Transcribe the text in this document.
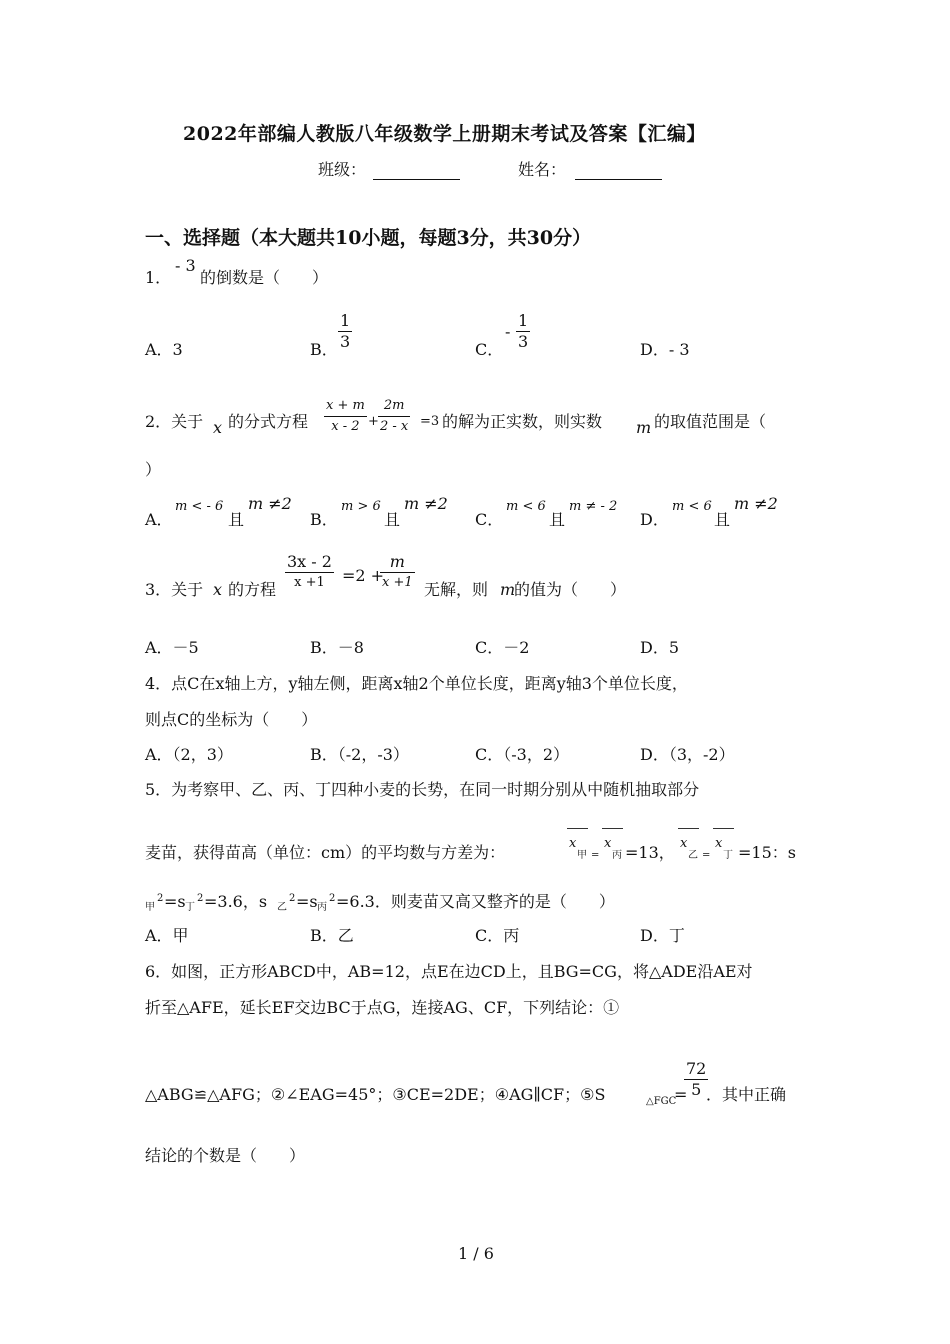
2022年部编人教版八年级数学上册期末考试及答案【汇编】
班级：	姓名：
一、选择题（本大题共10小题，每题3分，共30分）
1．
- 3
的倒数是（　　）
A．3	B．
1
3	C．
-
1
3	D．- 3
2．关于 x 的分式方程
x + m
x - 2 +
2m
2 - x =3 的解为正实数，则实数 m 的取值范围是（
）
A．
m < - 6
且
m ≠2
B．
m > 6
且
m ≠2
C．
m < 6
且
m ≠ - 2
D．
m < 6
且
m ≠2
3．关于 x 的方程
3x - 2
x +1	=2 +
m
x +1 无解，则 m
的值为（　　）
A．－5	B．－8	C．－2	D．5
4．点C在x轴上方，y轴左侧，距离x轴2个单位长度，距离y轴3个单位长度，
则点C的坐标为（　　）
A．（2，3）	B．（-2，-3）	C．（-3，2）	D．（3，-2）
5．为考察甲、乙、丙、丁四种小麦的长势，在同一时期分别从中随机抽取部分
麦苗，获得苗高（单位：cm）的平均数与方差为：	x
甲 =
x
丙 =13， x
乙 =
x
丁 =15：s
甲
2 =s 丁
2 =3.6，s 乙
2 =s 丙
2 =6.3．则麦苗又高又整齐的是（　　）
A．甲	B．乙	C．丙	D．丁
6．如图，正方形ABCD中，AB=12，点E在边CD上，且BG=CG，将△ADE沿AE对
折至△AFE，延长EF交边BC于点G，连接AG、CF，下列结论：①
△ABG≌△AFG；②∠EAG=45°；③CE=2DE；④AG∥CF；⑤S	△FGC
=
72
5 ．其中正确
结论的个数是（　　）
1 / 6
